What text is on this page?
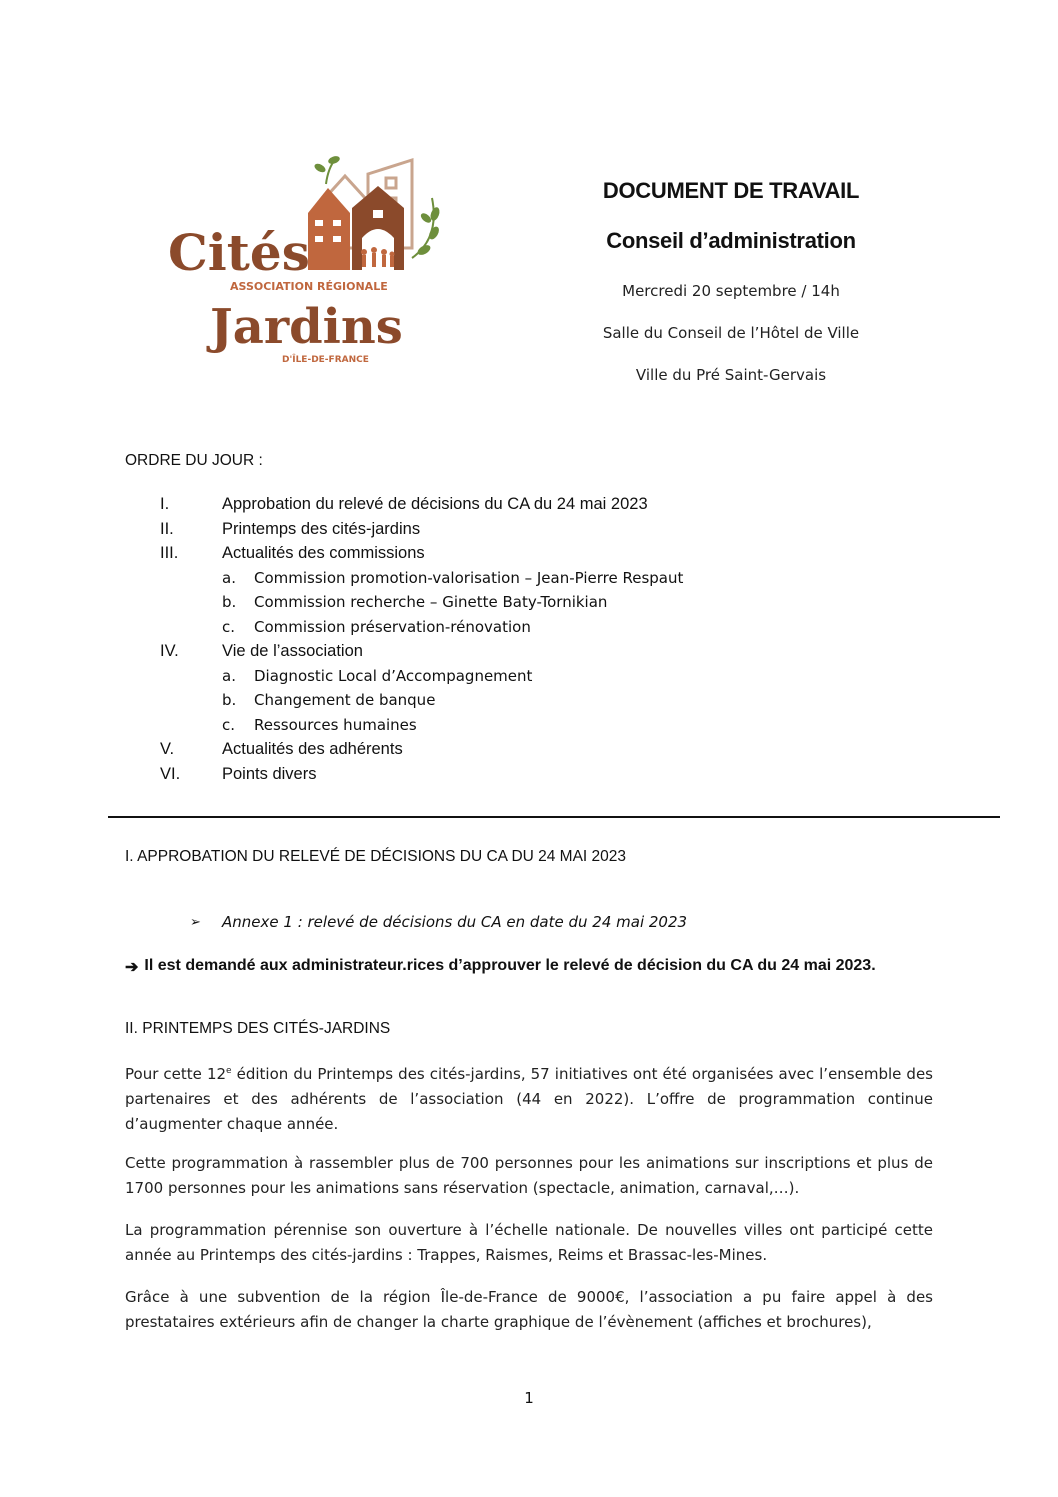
Cités
ASSOCIATION RÉGIONALE
Jardins
D'ÎLE-DE-FRANCE
DOCUMENT DE TRAVAIL
Conseil d’administration
Mercredi 20 septembre / 14h
Salle du Conseil de l’Hôtel de Ville
Ville du Pré Saint-Gervais
ORDRE DU JOUR :
I.	Approbation du relevé de décisions du CA du 24 mai 2023
II.	Printemps des cités-jardins
III.	Actualités des commissions
a.	Commission promotion-valorisation – Jean-Pierre Respaut
b.	Commission recherche – Ginette Baty-Tornikian
c.	Commission préservation-rénovation
IV.	Vie de l’association
a.	Diagnostic Local d’Accompagnement
b.	Changement de banque
c.	Ressources humaines
V.	Actualités des adhérents
VI.	Points divers
I. APPROBATION DU RELEVÉ DE DÉCISIONS DU CA DU 24 MAI 2023
➢	Annexe 1 : relevé de décisions du CA en date du 24 mai 2023
➔ Il est demandé aux administrateur.rices d’approuver le relevé de décision du CA du 24 mai 2023.
II. PRINTEMPS DES CITÉS-JARDINS
Pour cette 12e édition du Printemps des cités-jardins, 57 initiatives ont été organisées avec l’ensemble des partenaires et des adhérents de l’association (44 en 2022). L’offre de programmation continue d’augmenter chaque année.
Cette programmation à rassembler plus de 700 personnes pour les animations sur inscriptions et plus de 1700 personnes pour les animations sans réservation (spectacle, animation, carnaval,…).
La programmation pérennise son ouverture à l’échelle nationale. De nouvelles villes ont participé cette année au Printemps des cités-jardins : Trappes, Raismes, Reims et Brassac-les-Mines.
Grâce à une subvention de la région Île-de-France de 9000€, l’association a pu faire appel à des prestataires extérieurs afin de changer la charte graphique de l’évènement (affiches et brochures),
1
